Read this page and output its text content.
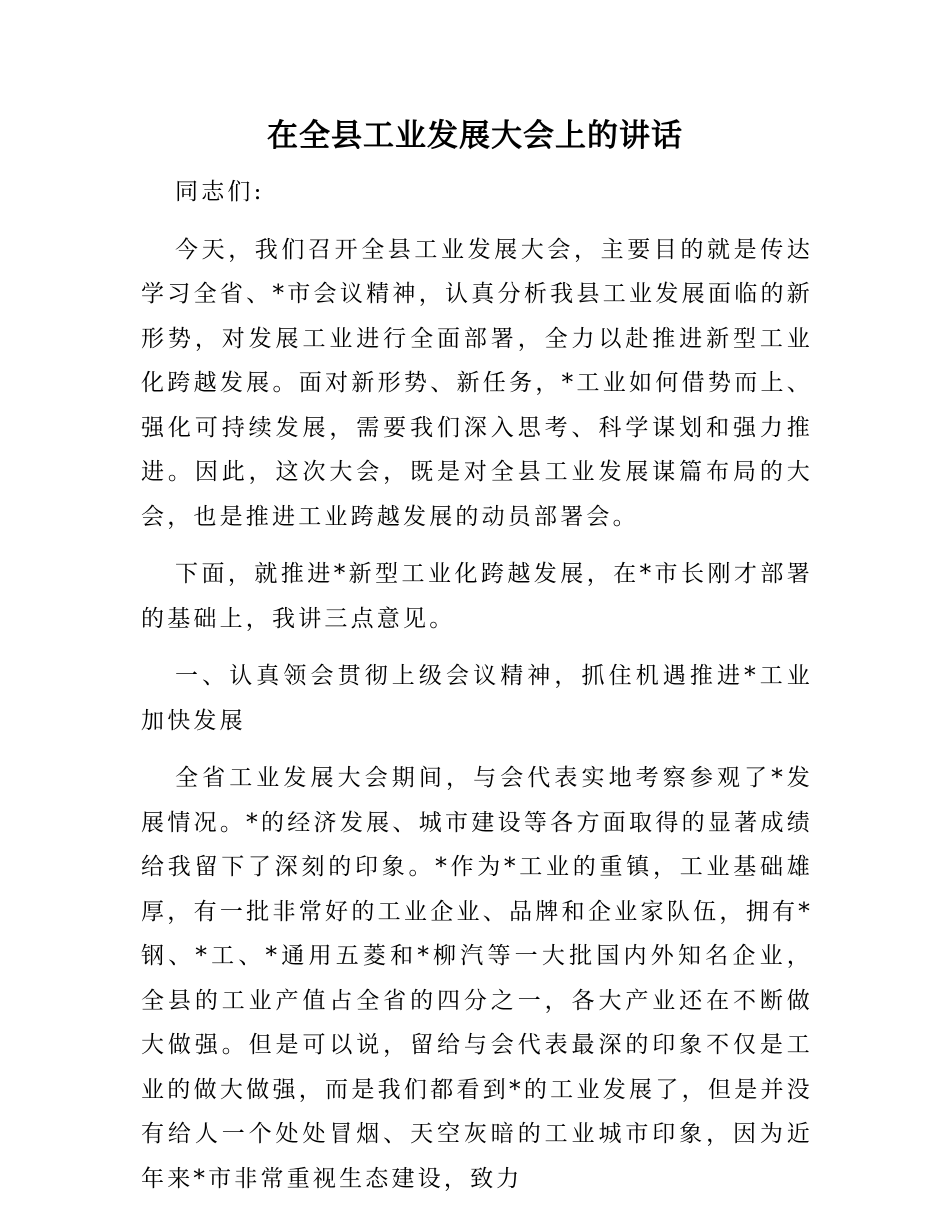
在全县工业发展大会上的讲话

同志们:

今天，我们召开全县工业发展大会，主要目的就是传达学习全省、*市会议精神，认真分析我县工业发展面临的新形势，对发展工业进行全面部署，全力以赴推进新型工业化跨越发展。面对新形势、新任务，*工业如何借势而上、强化可持续发展，需要我们深入思考、科学谋划和强力推进。因此，这次大会，既是对全县工业发展谋篇布局的大会，也是推进工业跨越发展的动员部署会。

下面，就推进*新型工业化跨越发展，在*市长刚才部署的基础上，我讲三点意见。

一、认真领会贯彻上级会议精神，抓住机遇推进*工业加快发展

全省工业发展大会期间，与会代表实地考察参观了*发展情况。*的经济发展、城市建设等各方面取得的显著成绩给我留下了深刻的印象。*作为*工业的重镇，工业基础雄厚，有一批非常好的工业企业、品牌和企业家队伍，拥有*钢、*工、*通用五菱和*柳汽等一大批国内外知名企业，全县的工业产值占全省的四分之一，各大产业还在不断做大做强。但是可以说，留给与会代表最深的印象不仅是工业的做大做强，而是我们都看到*的工业发展了，但是并没有给人一个处处冒烟、天空灰暗的工业城市印象，因为近年来*市非常重视生态建设，致力
